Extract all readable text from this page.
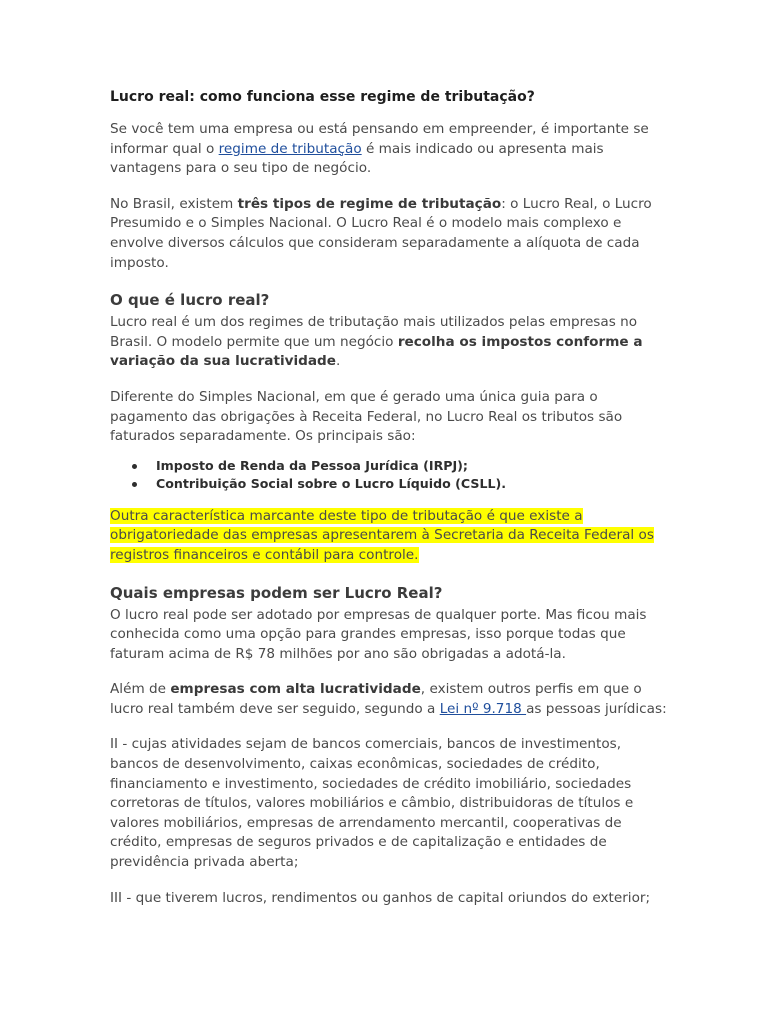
Lucro real: como funciona esse regime de tributação?

Se você tem uma empresa ou está pensando em empreender, é importante se informar qual o regime de tributação é mais indicado ou apresenta mais vantagens para o seu tipo de negócio.

No Brasil, existem três tipos de regime de tributação: o Lucro Real, o Lucro Presumido e o Simples Nacional. O Lucro Real é o modelo mais complexo e envolve diversos cálculos que consideram separadamente a alíquota de cada imposto.

O que é lucro real?

Lucro real é um dos regimes de tributação mais utilizados pelas empresas no Brasil. O modelo permite que um negócio recolha os impostos conforme a variação da sua lucratividade.

Diferente do Simples Nacional, em que é gerado uma única guia para o pagamento das obrigações à Receita Federal, no Lucro Real os tributos são faturados separadamente. Os principais são:

Imposto de Renda da Pessoa Jurídica (IRPJ);
Contribuição Social sobre o Lucro Líquido (CSLL).

Outra característica marcante deste tipo de tributação é que existe a obrigatoriedade das empresas apresentarem à Secretaria da Receita Federal os registros financeiros e contábil para controle.

Quais empresas podem ser Lucro Real?

O lucro real pode ser adotado por empresas de qualquer porte. Mas ficou mais conhecida como uma opção para grandes empresas, isso porque todas que faturam acima de R$ 78 milhões por ano são obrigadas a adotá-la.

Além de empresas com alta lucratividade, existem outros perfis em que o lucro real também deve ser seguido, segundo a Lei nº 9.718 as pessoas jurídicas:

II - cujas atividades sejam de bancos comerciais, bancos de investimentos, bancos de desenvolvimento, caixas econômicas, sociedades de crédito, financiamento e investimento, sociedades de crédito imobiliário, sociedades corretoras de títulos, valores mobiliários e câmbio, distribuidoras de títulos e valores mobiliários, empresas de arrendamento mercantil, cooperativas de crédito, empresas de seguros privados e de capitalização e entidades de previdência privada aberta;

III - que tiverem lucros, rendimentos ou ganhos de capital oriundos do exterior;
